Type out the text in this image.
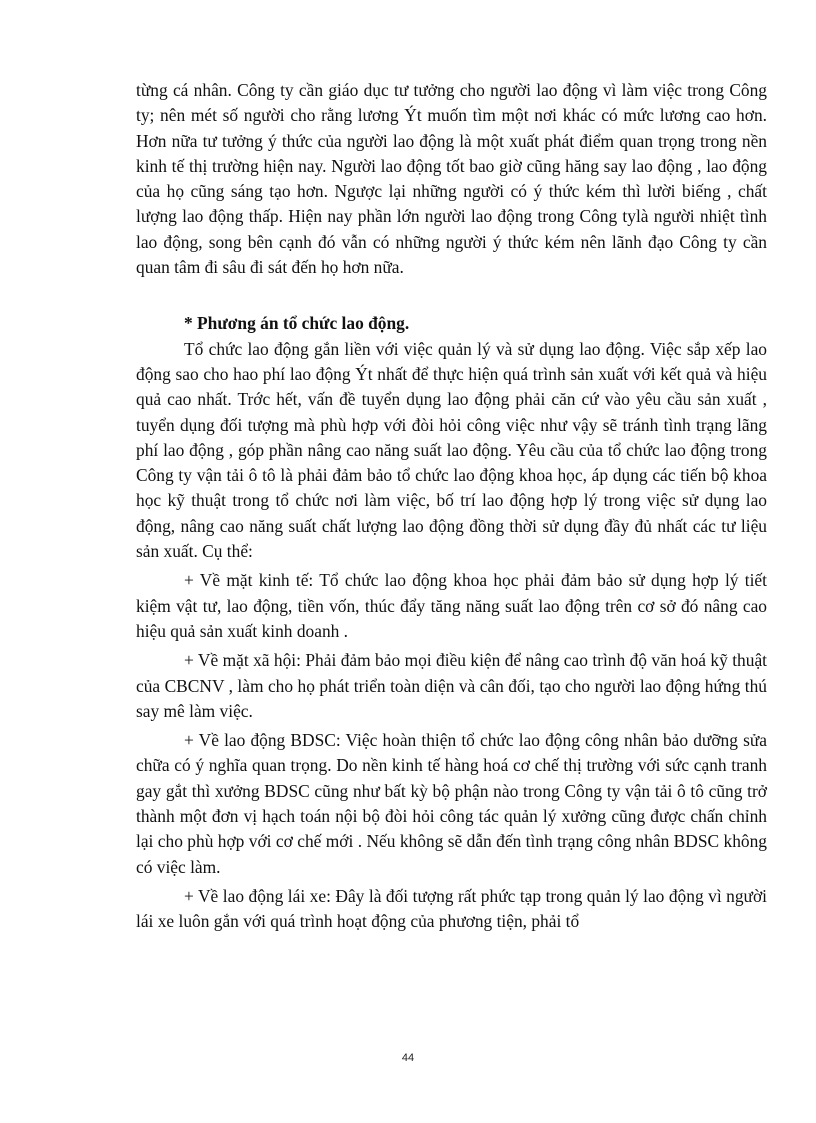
từng cá nhân. Công ty cần giáo dục tư tưởng cho người lao động vì làm việc trong Công ty; nên mét số người cho rằng lương Ýt muốn tìm một nơi khác có mức lương cao hơn. Hơn nữa tư tưởng ý thức của người lao động là một xuất phát điểm quan trọng trong nền kinh tế thị trường hiện nay. Người lao động tốt bao giờ cũng hăng say lao động , lao động của họ cũng sáng tạo hơn. Ngược lại những người có ý thức kém thì lười biếng , chất lượng lao động thấp. Hiện nay phần lớn người lao động trong Công tylà người nhiệt tình lao động, song bên cạnh đó vẫn có những người ý thức kém nên lãnh đạo Công ty cần quan tâm đi sâu đi sát đến họ hơn nữa.

* Phương án tổ chức lao động.

Tổ chức lao động gắn liền với việc quản lý và sử dụng lao động. Việc sắp xếp lao động sao cho hao phí lao động Ýt nhất để thực hiện quá trình sản xuất với kết quả và hiệu quả cao nhất. Trớc hết, vấn đề tuyển dụng lao động phải căn cứ vào yêu cầu sản xuất , tuyển dụng đối tượng mà phù hợp với đòi hỏi công việc như vậy sẽ tránh tình trạng lãng phí lao động , góp phần nâng cao năng suất lao động. Yêu cầu của tổ chức lao động trong Công ty vận tải ô tô là phải đảm bảo tổ chức lao động khoa học, áp dụng các tiến bộ khoa học kỹ thuật trong tổ chức nơi làm việc, bố trí lao động hợp lý trong việc sử dụng lao động, nâng cao năng suất chất lượng lao động đồng thời sử dụng đầy đủ nhất các tư liệu sản xuất. Cụ thể:

+ Về mặt kinh tế: Tổ chức lao động khoa học phải đảm bảo sử dụng hợp lý tiết kiệm vật tư, lao động, tiền vốn, thúc đẩy tăng năng suất lao động trên cơ sở đó nâng cao hiệu quả sản xuất kinh doanh .

+ Về mặt xã hội: Phải đảm bảo mọi điều kiện để nâng cao trình độ văn hoá kỹ thuật của CBCNV , làm cho họ phát triển toàn diện và cân đối, tạo cho người lao động hứng thú say mê làm việc.

+ Về lao động BDSC: Việc hoàn thiện tổ chức lao động công nhân bảo dưỡng sửa chữa có ý nghĩa quan trọng. Do nền kinh tế hàng hoá cơ chế thị trường với sức cạnh tranh gay gắt thì xưởng BDSC cũng như bất kỳ bộ phận nào trong Công ty vận tải ô tô cũng trở thành một đơn vị hạch toán nội bộ đòi hỏi công tác quản lý xưởng cũng được chấn chỉnh lại cho phù hợp với cơ chế mới . Nếu không sẽ dẫn đến tình trạng công nhân BDSC không có việc làm.

+ Về lao động lái xe: Đây là đối tượng rất phức tạp trong quản lý lao động vì người lái xe luôn gắn với quá trình hoạt động của phương tiện, phải tổ

44
